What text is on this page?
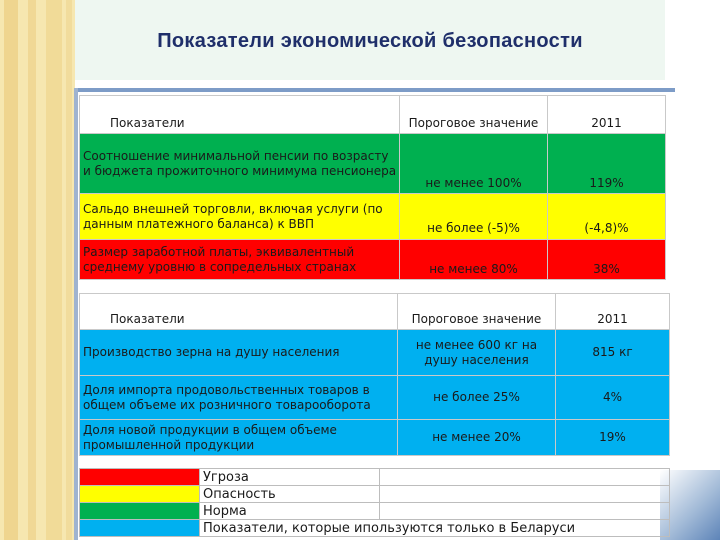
Показатели экономической безопасности
Показатели	Пороговое значение	2011
Соотношение минимальной пенсии по возрасту и бюджета прожиточного минимума пенсионера	не менее 100%	119%
Сальдо внешней торговли, включая услуги (по данным платежного баланса) к ВВП	не более (-5)%	(-4,8)%
Размер заработной платы, эквивалентный среднему уровню в сопредельных странах	не менее 80%	38%
Показатели	Пороговое значение	2011
Производство зерна на душу населения	не менее 600 кг на душу населения	815 кг
Доля импорта продовольственных товаров в общем объеме их розничного товарооборота	не более 25%	4%
Доля новой продукции в общем объеме промышленной продукции	не менее 20%	19%
	Угроза	
	Опасность	
	Норма	
	Показатели, которые ипользуются только в Беларуси	
